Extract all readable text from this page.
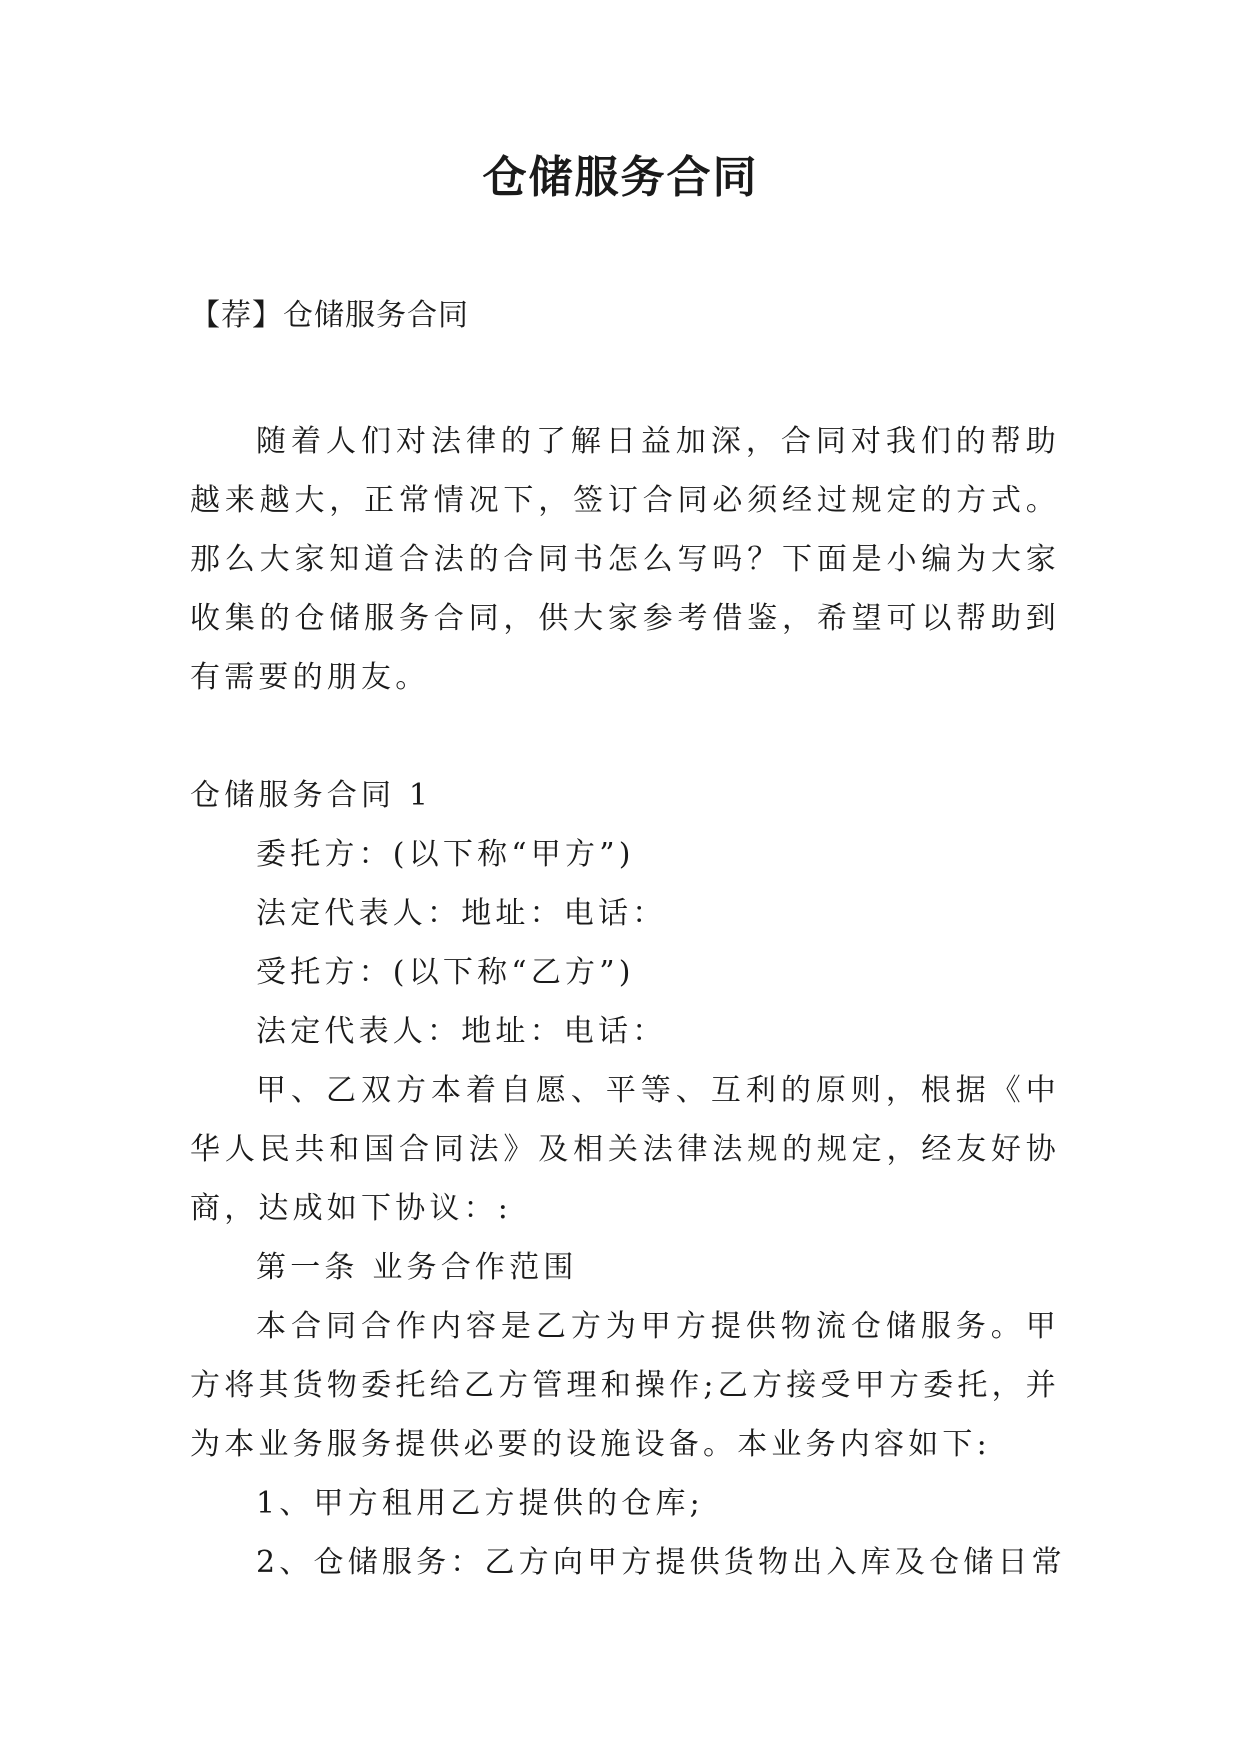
仓储服务合同

【荐】仓储服务合同

随着人们对法律的了解日益加深，合同对我们的帮助越来越大，正常情况下，签订合同必须经过规定的方式。那么大家知道合法的合同书怎么写吗？下面是小编为大家收集的仓储服务合同，供大家参考借鉴，希望可以帮助到有需要的朋友。

仓储服务合同 1

委托方：(以下称“甲方”)

法定代表人：地址：电话：

受托方：(以下称“乙方”)

法定代表人：地址：电话：

甲、乙双方本着自愿、平等、互利的原则，根据《中华人民共和国合同法》及相关法律法规的规定，经友好协商，达成如下协议：:

第一条 业务合作范围

本合同合作内容是乙方为甲方提供物流仓储服务。甲方将其货物委托给乙方管理和操作;乙方接受甲方委托，并为本业务服务提供必要的设施设备。本业务内容如下:

1、甲方租用乙方提供的仓库;

2、仓储服务：乙方向甲方提供货物出入库及仓储日常
